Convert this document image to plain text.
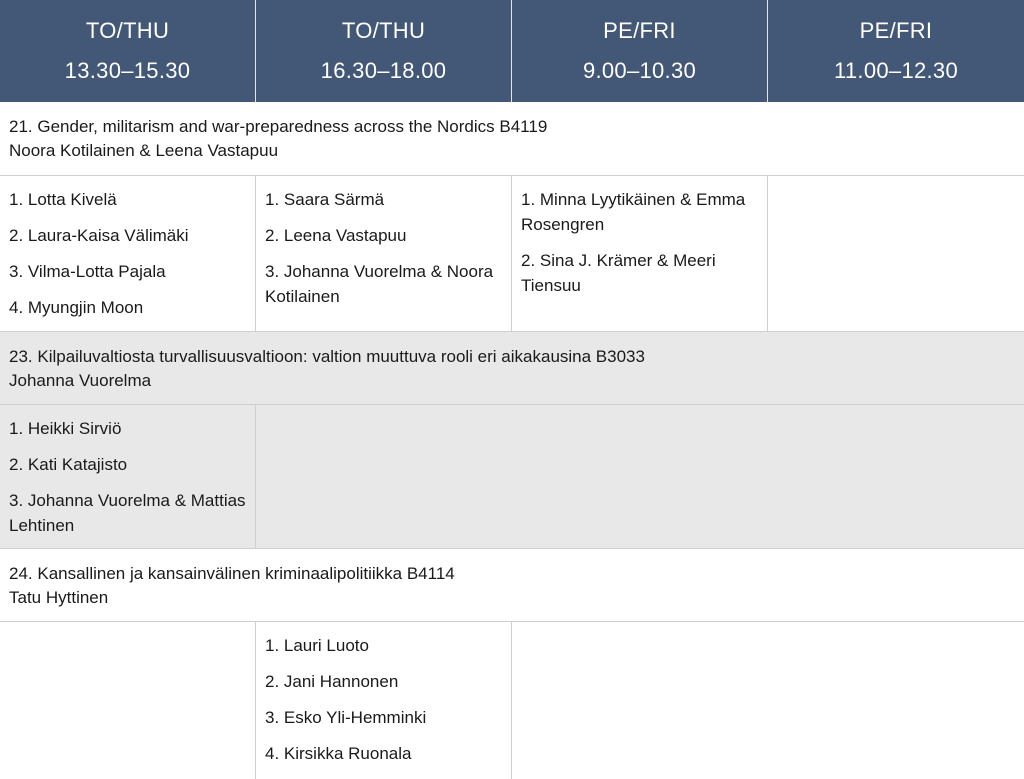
TO/THU
13.30–15.30
TO/THU
16.30–18.00
PE/FRI
9.00–10.30
PE/FRI
11.00–12.30
21. Gender, militarism and war-preparedness across the Nordics B4119
Noora Kotilainen & Leena Vastapuu
1. Lotta Kivelä
2. Laura-Kaisa Välimäki
3. Vilma-Lotta Pajala
4. Myungjin Moon
1. Saara Särmä
2. Leena Vastapuu
3. Johanna Vuorelma & Noora Kotilainen
1. Minna Lyytikäinen & Emma Rosengren
2. Sina J. Krämer & Meeri Tiensuu
23. Kilpailuvaltiosta turvallisuusvaltioon: valtion muuttuva rooli eri aikakausina B3033
Johanna Vuorelma
1. Heikki Sirviö
2. Kati Katajisto
3. Johanna Vuorelma & Mattias Lehtinen
24. Kansallinen ja kansainvälinen kriminaalipolitiikka B4114
Tatu Hyttinen
1. Lauri Luoto
2. Jani Hannonen
3. Esko Yli-Hemminki
4. Kirsikka Ruonala
